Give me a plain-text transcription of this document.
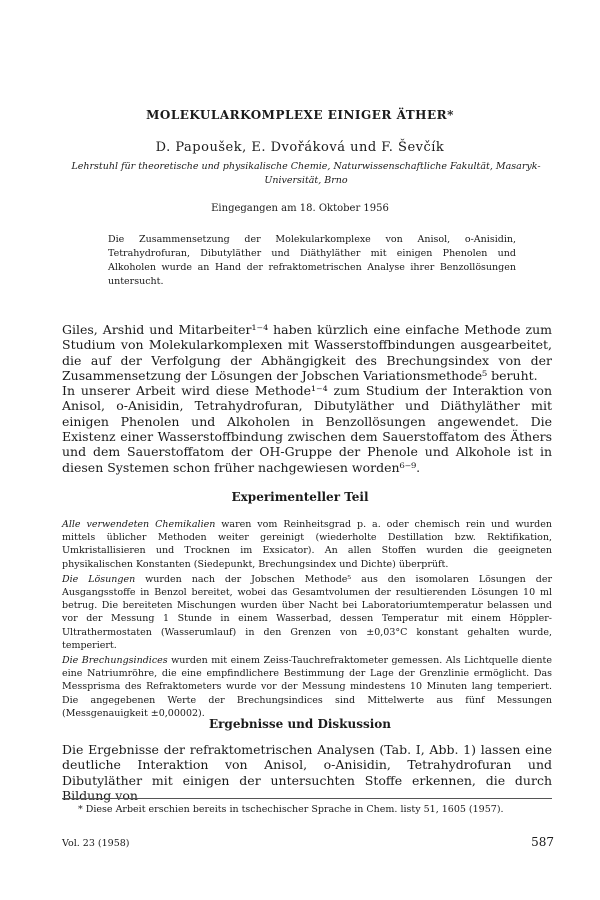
MOLEKULARKOMPLEXE EINIGER ÄTHER*
D. Papoušek, E. Dvořáková und F. Ševčík
Lehrstuhl für theoretische und physikalische Chemie, Naturwissenschaftliche Fakultät, Masaryk-Universität, Brno
Eingegangen am 18. Oktober 1956
Die Zusammensetzung der Molekularkomplexe von Anisol, o-Anisidin, Tetrahydrofuran, Dibutyläther und Diäthyläther mit einigen Phenolen und Alkoholen wurde an Hand der refraktometrischen Analyse ihrer Benzollösungen untersucht.

Giles, Arshid und Mitarbeiter¹⁻⁴ haben kürzlich eine einfache Methode zum Studium von Molekularkomplexen mit Wasserstoffbindungen ausgearbeitet, die auf der Verfolgung der Abhängigkeit des Brechungsindex von der Zusammensetzung der Lösungen der Jobschen Variationsmethode⁵ beruht.

In unserer Arbeit wird diese Methode¹⁻⁴ zum Studium der Interaktion von Anisol, o-Anisidin, Tetrahydrofuran, Dibutyläther und Diäthyläther mit einigen Phenolen und Alkoholen in Benzollösungen angewendet. Die Existenz einer Wasserstoffbindung zwischen dem Sauerstoffatom des Äthers und dem Sauerstoffatom der OH-Gruppe der Phenole und Alkohole ist in diesen Systemen schon früher nachgewiesen worden⁶⁻⁹.

Experimenteller Teil

Alle verwendeten Chemikalien waren vom Reinheitsgrad p. a. oder chemisch rein und wurden mittels üblicher Methoden weiter gereinigt (wiederholte Destillation bzw. Rektifikation, Umkristallisieren und Trocknen im Exsicator). An allen Stoffen wurden die geeigneten physikalischen Konstanten (Siedepunkt, Brechungsindex und Dichte) überprüft.

Die Lösungen wurden nach der Jobschen Methode⁵ aus den isomolaren Lösungen der Ausgangsstoffe in Benzol bereitet, wobei das Gesamtvolumen der resultierenden Lösungen 10 ml betrug. Die bereiteten Mischungen wurden über Nacht bei Laboratoriumtemperatur belassen und vor der Messung 1 Stunde in einem Wasserbad, dessen Temperatur mit einem Höppler-Ultrathermostaten (Wasserumlauf) in den Grenzen von ±0,03°C konstant gehalten wurde, temperiert.

Die Brechungsindices wurden mit einem Zeiss-Tauchrefraktometer gemessen. Als Lichtquelle diente eine Natriumröhre, die eine empfindlichere Bestimmung der Lage der Grenzlinie ermöglicht. Das Messprisma des Refraktometers wurde vor der Messung mindestens 10 Minuten lang temperiert. Die angegebenen Werte der Brechungsindices sind Mittelwerte aus fünf Messungen (Messgenauigkeit ±0,00002).

Ergebnisse und Diskussion
Die Ergebnisse der refraktometrischen Analysen (Tab. I, Abb. 1) lassen eine deutliche Interaktion von Anisol, o-Anisidin, Tetrahydrofuran und Dibutyläther mit einigen der untersuchten Stoffe erkennen, die durch Bildung von
* Diese Arbeit erschien bereits in tschechischer Sprache in Chem. listy 51, 1605 (1957).
Vol. 23 (1958)	587
